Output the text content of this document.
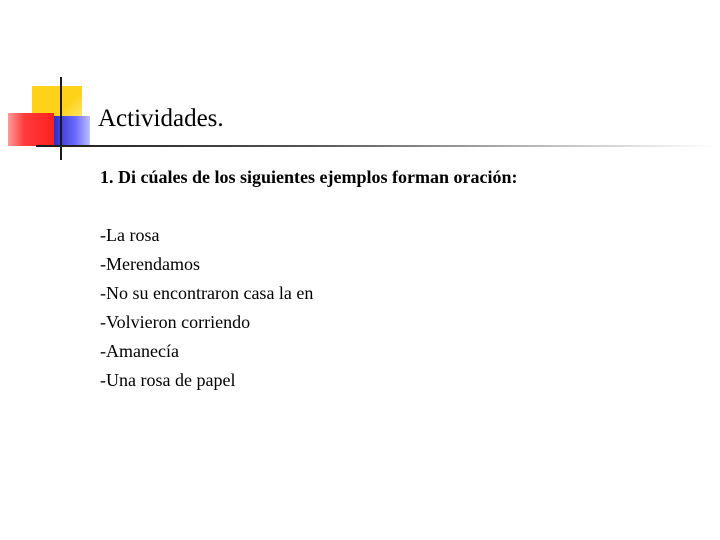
Actividades.
1. Di cúales de los siguientes ejemplos forman oración:
-La rosa
-Merendamos
-No su encontraron casa la en
-Volvieron corriendo
-Amanecía
-Una rosa de papel
